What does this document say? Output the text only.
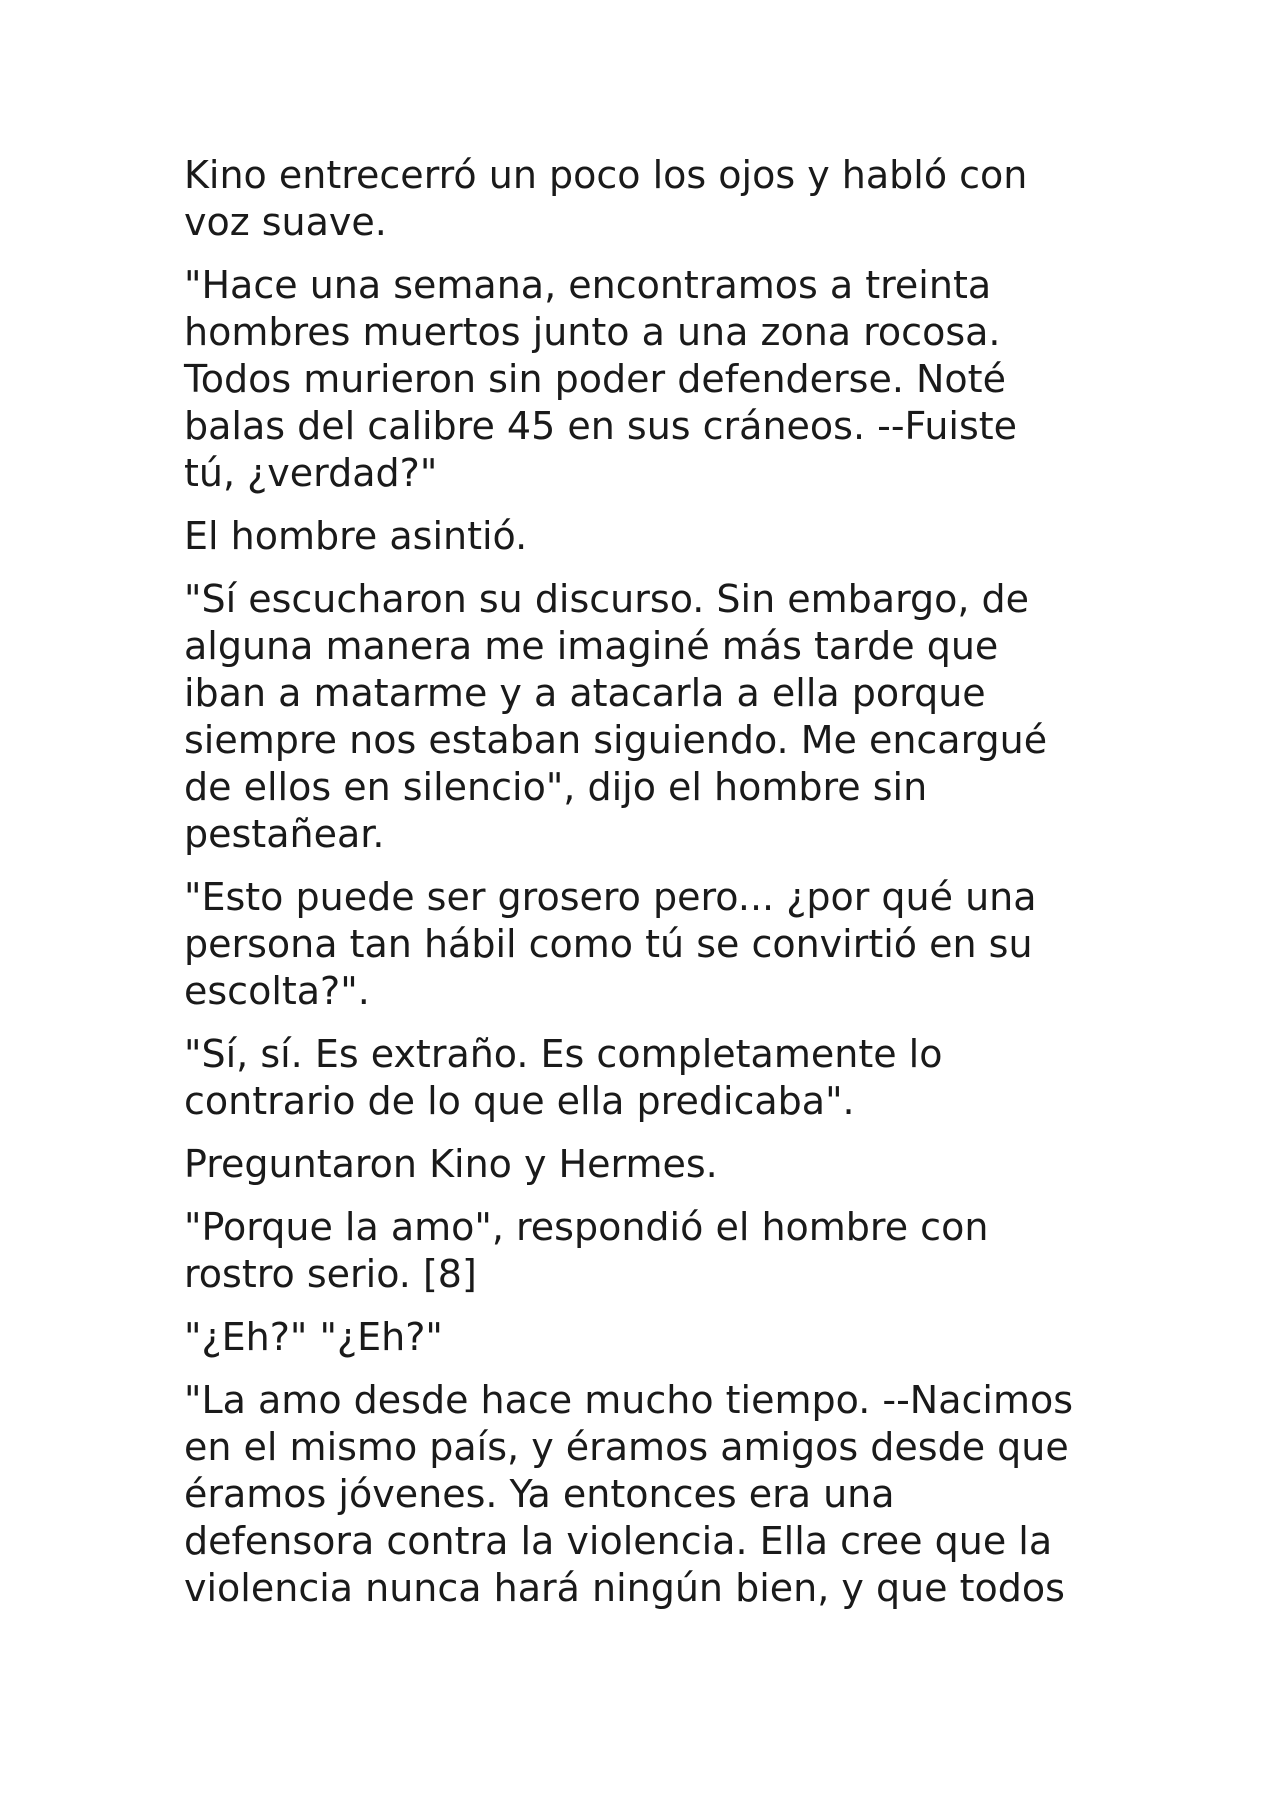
Kino entrecerró un poco los ojos y habló con
voz suave.

"Hace una semana, encontramos a treinta
hombres muertos junto a una zona rocosa.
Todos murieron sin poder defenderse. Noté
balas del calibre 45 en sus cráneos. --Fuiste
tú, ¿verdad?"

El hombre asintió.

"Sí escucharon su discurso. Sin embargo, de
alguna manera me imaginé más tarde que
iban a matarme y a atacarla a ella porque
siempre nos estaban siguiendo. Me encargué
de ellos en silencio", dijo el hombre sin
pestañear.

"Esto puede ser grosero pero... ¿por qué una
persona tan hábil como tú se convirtió en su
escolta?".

"Sí, sí. Es extraño. Es completamente lo
contrario de lo que ella predicaba".

Preguntaron Kino y Hermes.

"Porque la amo", respondió el hombre con
rostro serio. [8]

"¿Eh?" "¿Eh?"

"La amo desde hace mucho tiempo. --Nacimos
en el mismo país, y éramos amigos desde que
éramos jóvenes. Ya entonces era una
defensora contra la violencia. Ella cree que la
violencia nunca hará ningún bien, y que todos
